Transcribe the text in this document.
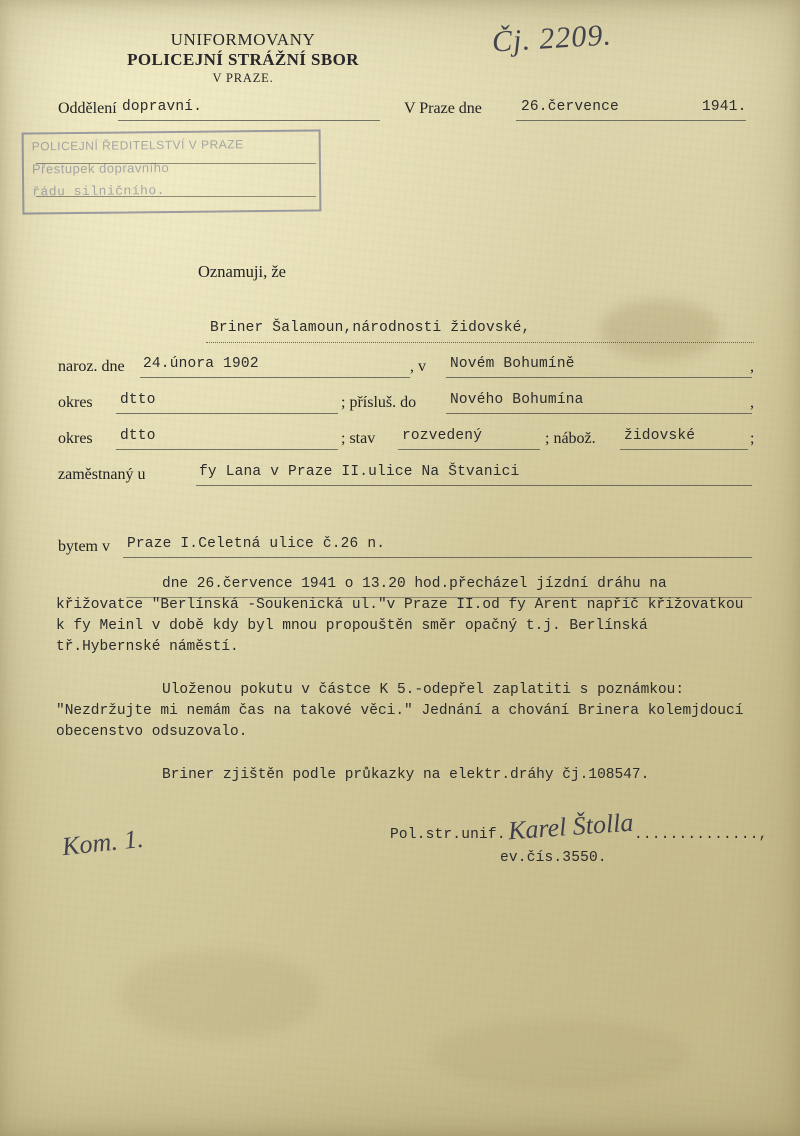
UNIFORMOVANY
POLICEJNÍ STRÁŽNÍ SBOR
V PRAZE.
Čj. 2209.
Oddělení dopravní.	V Praze dne	26.července	1941.
POLICEJNÍ ŘEDITELSTVÍ V PRAZE
Přestupek dopravního
řádu silničního.
Oznamuji, že
Briner Šalamoun,národnosti židovské,
naroz. dne 24.února 1902	, v Novém Bohumíně	,
okres dtto	; přísluš. do Nového Bohumína	,
okres dtto	; stav rozvedený	; nábož. židovské	;
zaměstnaný u	fy Lana v Praze II.ulice Na Štvanici
bytem v Praze I.Celetná ulice č.26 n.
dne 26.července 1941 o 13.20 hod.přecházel jízdní dráhu na křižovatce "Berlínská -Soukenická ul."v Praze II.od fy Arent napříč křižovatkou k fy Meinl v době kdy byl mnou propouštěn směr opačný t.j. Berlínská tř.Hybernské náměstí.
Uloženou pokutu v částce K 5.-odepřel zaplatiti s poznámkou: "Nezdržujte mi nemám čas na takové věci." Jednání a chování Brinera kolemjdoucí obecenstvo odsuzovalo.
Briner zjištěn podle průkazky na elektr.dráhy čj.108547.
Pol.str.unif. Karel Štolla ..............,
ev.čís.3550.
Kom. 1.
